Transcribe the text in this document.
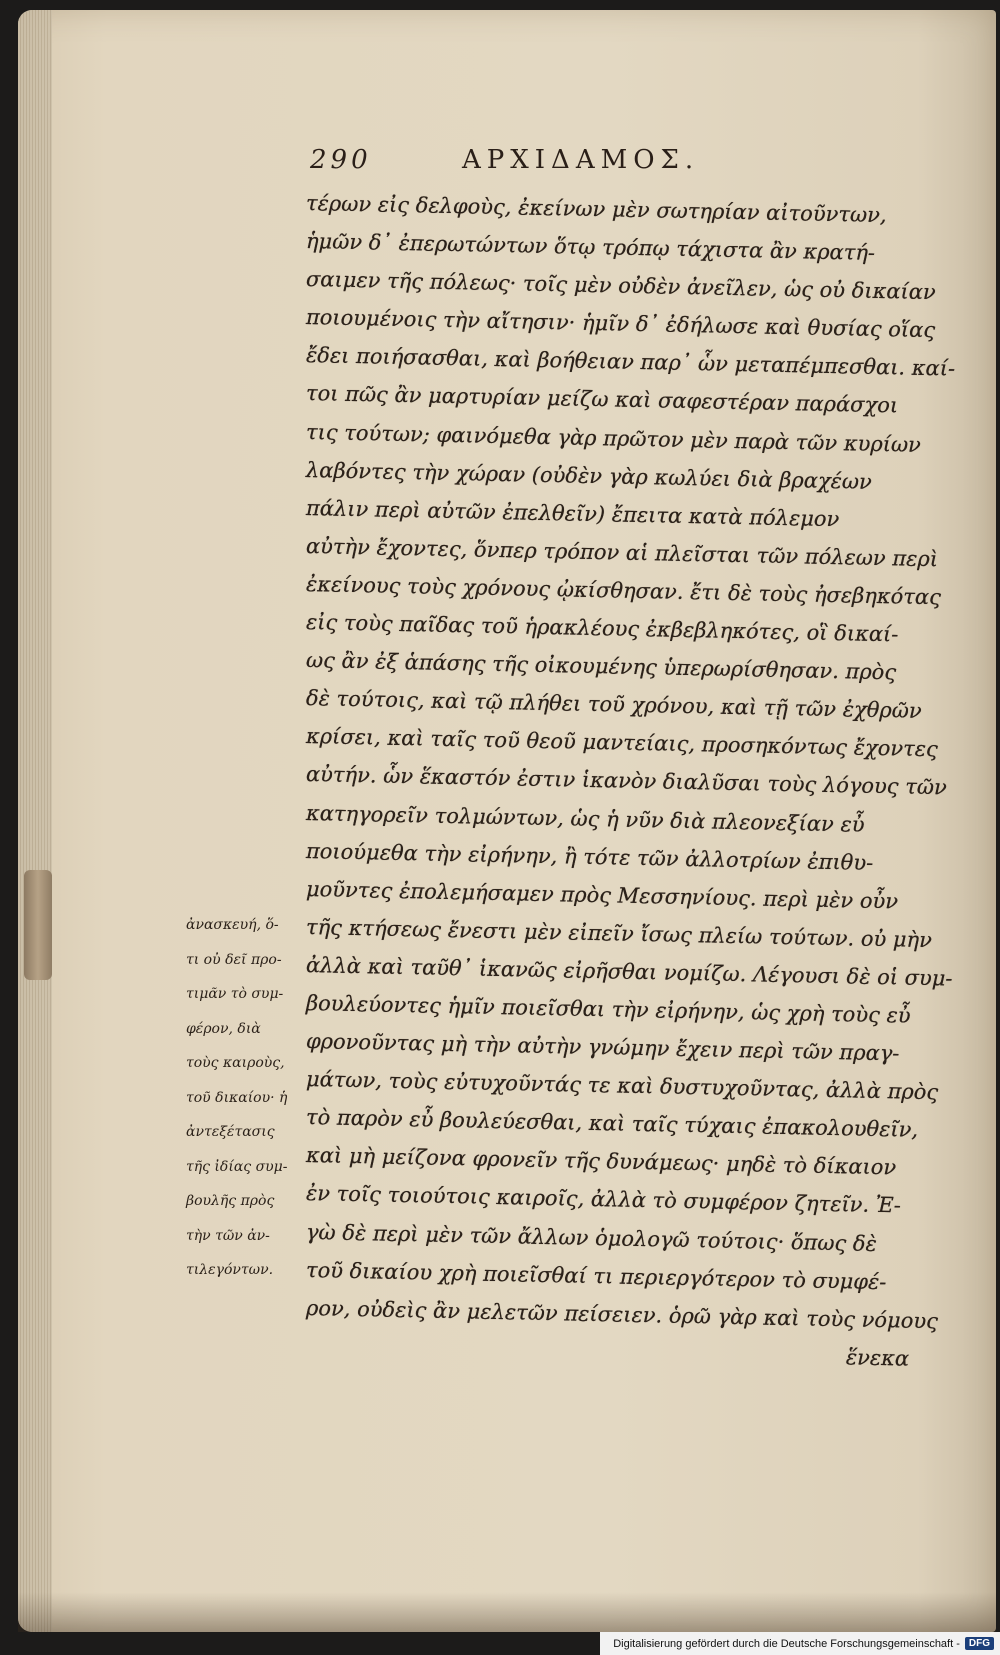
290	ΑΡΧΙΔΑΜΟΣ.
τέρων εἰς δελφοὺς, ἐκείνων μὲν σωτηρίαν αἰτοῦντων,
ἡμῶν δ᾽ ἐπερωτώντων ὅτῳ τρόπῳ τάχιστα ἂν κρατή-
σαιμεν τῆς πόλεως· τοῖς μὲν οὐδὲν ἀνεῖλεν, ὡς οὐ δικαίαν
ποιουμένοις τὴν αἴτησιν· ἡμῖν δ᾽ ἐδήλωσε καὶ θυσίας οἵας
ἔδει ποιήσασθαι, καὶ βοήθειαν παρ᾽ ὧν μεταπέμπεσθαι. καί-
τοι πῶς ἂν μαρτυρίαν μείζω καὶ σαφεστέραν παράσχοι
τις τούτων; φαινόμεθα γὰρ πρῶτον μὲν παρὰ τῶν κυρίων
λαβόντες τὴν χώραν (οὐδὲν γὰρ κωλύει διὰ βραχέων
πάλιν περὶ αὐτῶν ἐπελθεῖν) ἔπειτα κατὰ πόλεμον
αὐτὴν ἔχοντες, ὅνπερ τρόπον αἱ πλεῖσται τῶν πόλεων περὶ
ἐκείνους τοὺς χρόνους ᾠκίσθησαν. ἔτι δὲ τοὺς ἠσεβηκότας
εἰς τοὺς παῖδας τοῦ ἡρακλέους ἐκβεβληκότες, οἳ δικαί-
ως ἂν ἐξ ἁπάσης τῆς οἰκουμένης ὑπερωρίσθησαν. πρὸς
δὲ τούτοις, καὶ τῷ πλήθει τοῦ χρόνου, καὶ τῇ τῶν ἐχθρῶν
κρίσει, καὶ ταῖς τοῦ θεοῦ μαντείαις, προσηκόντως ἔχοντες
αὐτήν. ὧν ἕκαστόν ἐστιν ἱκανὸν διαλῦσαι τοὺς λόγους τῶν
κατηγορεῖν τολμώντων, ὡς ἡ νῦν διὰ πλεονεξίαν εὖ
ποιούμεθα τὴν εἰρήνην, ἢ τότε τῶν ἀλλοτρίων ἐπιθυ-
μοῦντες ἐπολεμήσαμεν πρὸς Μεσσηνίους. περὶ μὲν οὖν
τῆς κτήσεως ἔνεστι μὲν εἰπεῖν ἴσως πλείω τούτων. οὐ μὴν
ἀλλὰ καὶ ταῦθ᾽ ἱκανῶς εἰρῆσθαι νομίζω. Λέγουσι δὲ οἱ συμ-
βουλεύοντες ἡμῖν ποιεῖσθαι τὴν εἰρήνην, ὡς χρὴ τοὺς εὖ
φρονοῦντας μὴ τὴν αὐτὴν γνώμην ἔχειν περὶ τῶν πραγ-
μάτων, τοὺς εὐτυχοῦντάς τε καὶ δυστυχοῦντας, ἀλλὰ πρὸς
τὸ παρὸν εὖ βουλεύεσθαι, καὶ ταῖς τύχαις ἐπακολουθεῖν,
καὶ μὴ μείζονα φρονεῖν τῆς δυνάμεως· μηδὲ τὸ δίκαιον
ἐν τοῖς τοιούτοις καιροῖς, ἀλλὰ τὸ συμφέρον ζητεῖν. Ἐ-
γὼ δὲ περὶ μὲν τῶν ἄλλων ὁμολογῶ τούτοις· ὅπως δὲ
τοῦ δικαίου χρὴ ποιεῖσθαί τι περιεργότερον τὸ συμφέ-
ρον, οὐδεὶς ἂν μελετῶν πείσειεν. ὁρῶ γὰρ καὶ τοὺς νόμους
ἕνεκα
ἀνασκευή, ὅ-
τι οὐ δεῖ προ-
τιμᾶν τὸ συμ-
φέρον, διὰ
τοὺς καιροὺς,
τοῦ δικαίου· ἡ
ἀντεξέτασις
τῆς ἰδίας συμ-
βουλῆς πρὸς
τὴν τῶν ἀν-
τιλεγόντων.
Digitalisierung gefördert durch die Deutsche Forschungsgemeinschaft - DFG
